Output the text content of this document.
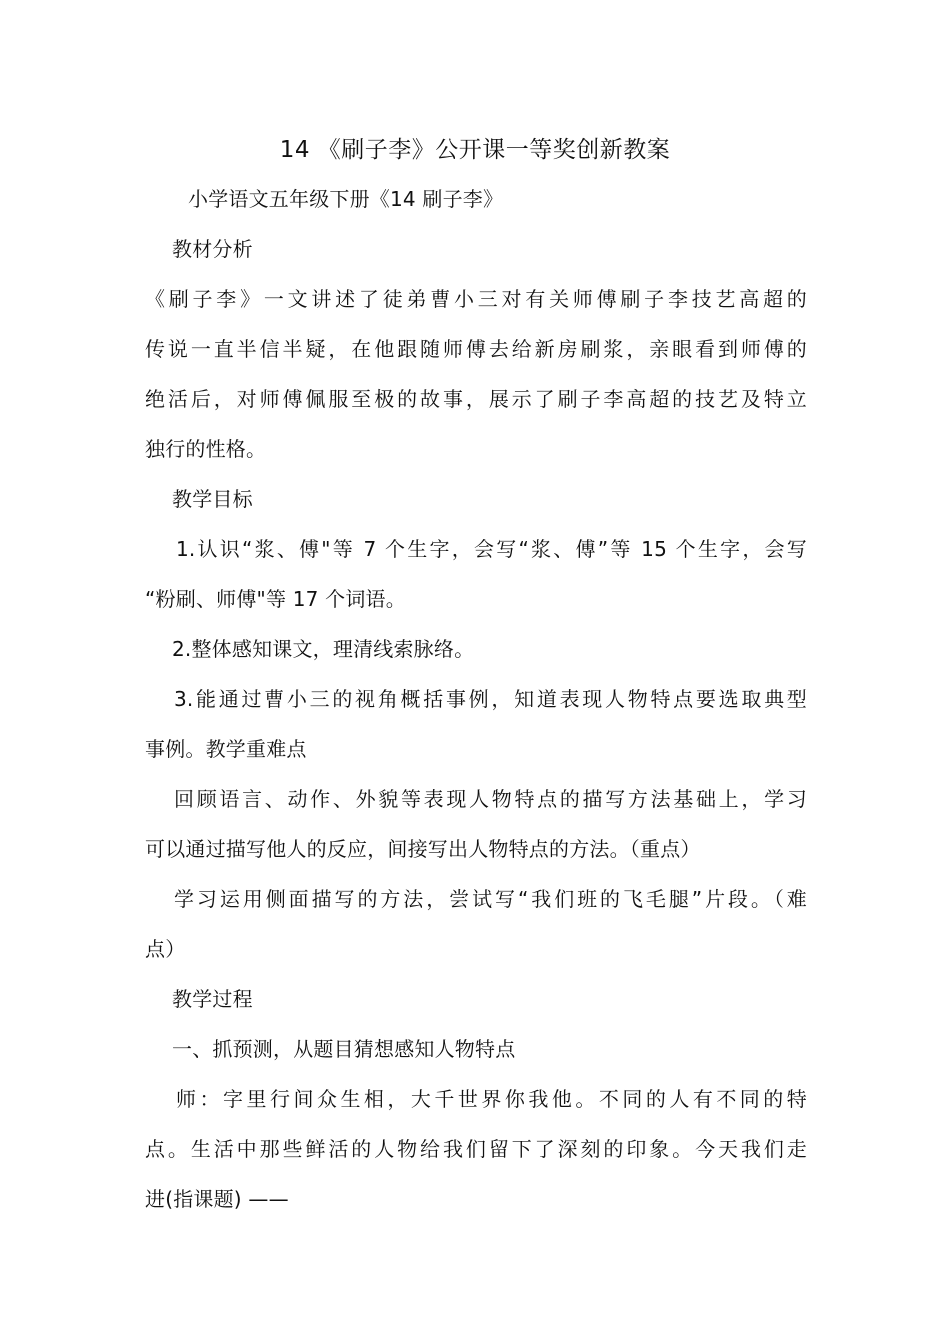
14 《刷子李》公开课一等奖创新教案
小学语文五年级下册《14 刷子李》
教材分析
《刷子李》一文讲述了徒弟曹小三对有关师傅刷子李技艺高超的
传说一直半信半疑，在他跟随师傅去给新房刷浆，亲眼看到师傅的
绝活后，对师傅佩服至极的故事，展示了刷子李高超的技艺及特立
独行的性格。
教学目标
1.认识“浆、傅"等 7 个生字，会写“浆、傅”等 15 个生字，会写
“粉刷、师傅"等 17 个词语。
2.整体感知课文，理清线索脉络。
3.能通过曹小三的视角概括事例，知道表现人物特点要选取典型
事例。教学重难点
回顾语言、动作、外貌等表现人物特点的描写方法基础上，学习
可以通过描写他人的反应，间接写出人物特点的方法。（重点）
学习运用侧面描写的方法，尝试写“我们班的飞毛腿”片段。（难
点）
教学过程
一、抓预测，从题目猜想感知人物特点
师：字里行间众生相，大千世界你我他。不同的人有不同的特
点。生活中那些鲜活的人物给我们留下了深刻的印象。今天我们走
进(指课题) ——
